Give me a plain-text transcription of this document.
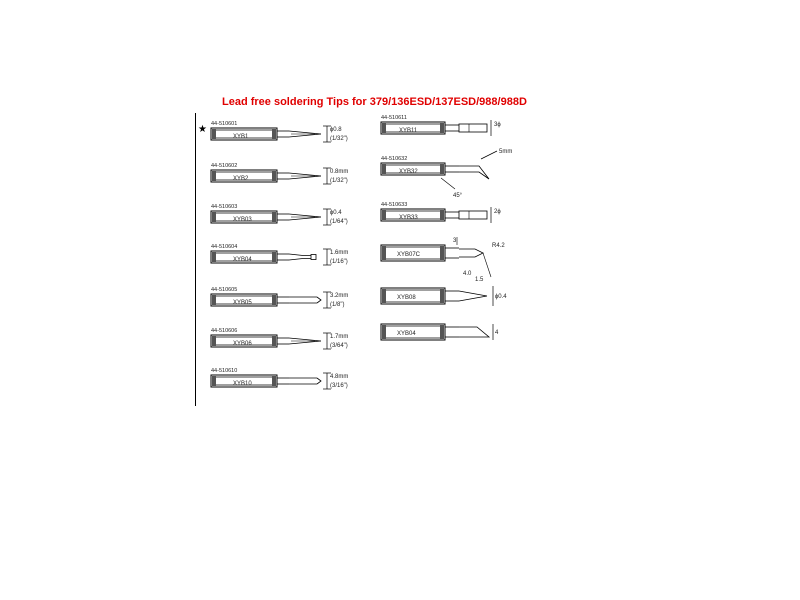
Lead free soldering Tips for 379/136ESD/137ESD/988/988D
★ 44-510601
XYB1
ɸ0.8
(1/32")
44-510602
XYB2
0.8mm
(1/32")
44-510603
XYB03
ɸ0.4
(1/64")
44-510604
XYB04
1.6mm
(1/16")
44-510605
XYB05
3.2mm
(1/8")
44-510606
XYB06
1.7mm
(3/64")
44-510610
XYB10
4.8mm
(3/16")
44-510611
XYB11
3ɸ
44-510632
XYB32
5mm
45°
44-510633
XYB33
2ɸ
XYB07C
3
R4.2
4.0
1.5
XYB08	ɸ0.4
XYB04	4
